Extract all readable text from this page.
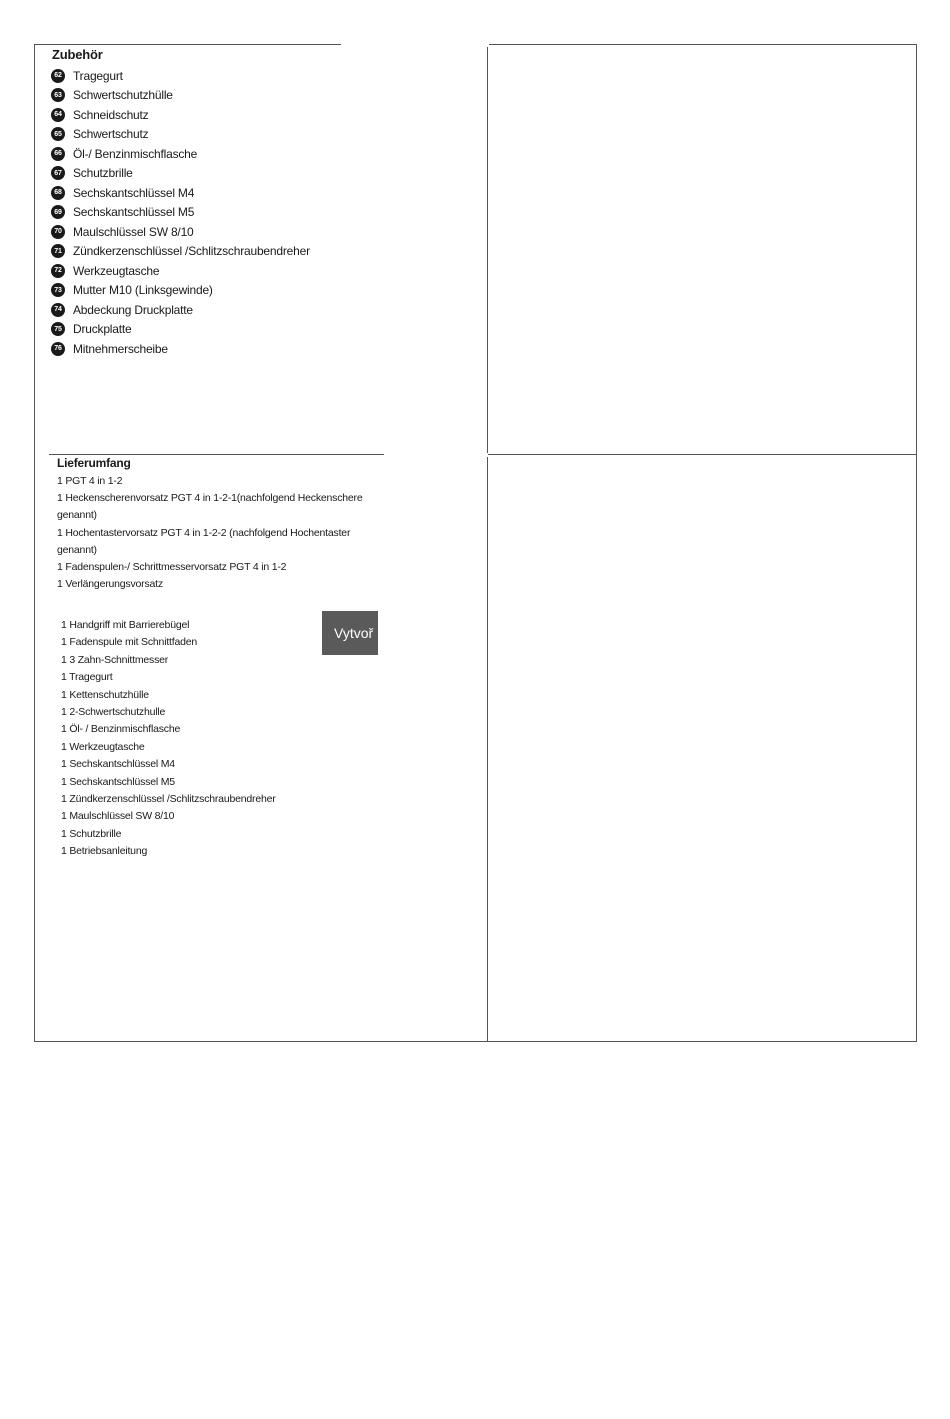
Zubehör
62 Tragegurt
63 Schwertschutzhülle
64 Schneidschutz
65 Schwertschutz
66 Öl-/ Benzinmischflasche
67 Schutzbrille
68 Sechskantschlüssel M4
69 Sechskantschlüssel M5
70 Maulschlüssel SW 8/10
71 Zündkerzenschlüssel /Schlitzschraubendreher
72 Werkzeugtasche
73 Mutter M10 (Linksgewinde)
74 Abdeckung Druckplatte
75 Druckplatte
76 Mitnehmerscheibe
Lieferumfang
1 PGT 4 in 1-2
1 Heckenscherenvorsatz PGT 4 in 1-2-1(nachfolgend Heckenschere genannt)
1 Hochentastervorsatz PGT 4 in 1-2-2 (nachfolgend Hochentaster genannt)
1 Fadenspulen-/ Schrittmesservorsatz PGT 4 in 1-2
1 Verlängerungsvorsatz
1 Handgriff mit Barrierebügel
1 Fadenspule mit Schnittfaden
1 3 Zahn-Schnittmesser
1 Tragegurt
1 Kettenschutzhülle
1 2-Schwertschutzhulle
1 Öl- / Benzinmischflasche
1 Werkzeugtasche
1 Sechskantschlüssel M4
1 Sechskantschlüssel M5
1 Zündkerzenschlüssel /Schlitzschraubendreher
1 Maulschlüssel SW 8/10
1 Schutzbrille
1 Betriebsanleitung
Vytvoř
